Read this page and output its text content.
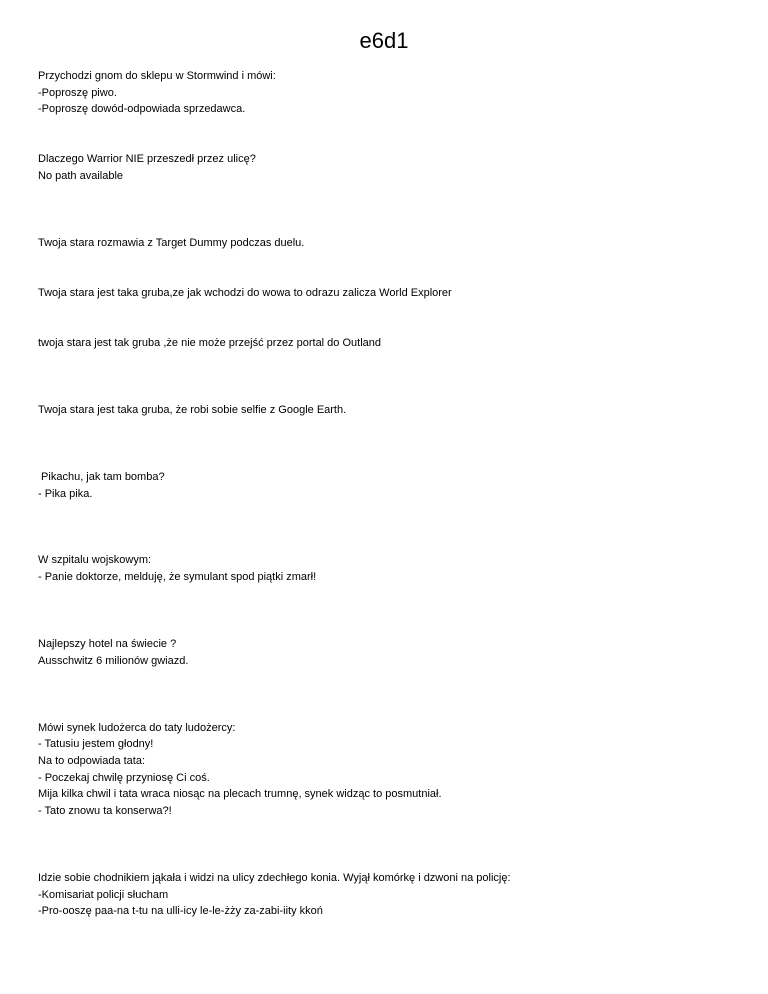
e6d1
Przychodzi gnom do sklepu w Stormwind i mówi:
-Poproszę piwo.
-Poproszę dowód-odpowiada sprzedawca.
Dlaczego Warrior NIE przeszedł przez ulicę?
No path available
Twoja stara rozmawia z Target Dummy podczas duelu.
Twoja stara jest taka gruba,ze jak wchodzi do wowa to odrazu zalicza World Explorer
twoja stara jest tak gruba ,że nie może przejść przez portal do Outland
Twoja stara jest taka gruba, że robi sobie selfie z Google Earth.
Pikachu, jak tam bomba?
- Pika pika.
W szpitalu wojskowym:
- Panie doktorze, melduję, że symulant spod piątki zmarł!
Najlepszy hotel na świecie ?
Ausschwitz 6 milionów gwiazd.
Mówi synek ludożerca do taty ludożercy:
- Tatusiu jestem głodny!
Na to odpowiada tata:
- Poczekaj chwilę przyniosę Ci coś.
Mija kilka chwil i tata wraca niosąc na plecach trumnę, synek widząc to posmutniał.
- Tato znowu ta konserwa?!
Idzie sobie chodnikiem jąkała i widzi na ulicy zdechłego konia. Wyjął komórkę i dzwoni na policję:
-Komisariat policji słucham
-Pro-ooszę paa-na t-tu na ulli-icy le-le-żży za-zabi-iity kkoń
